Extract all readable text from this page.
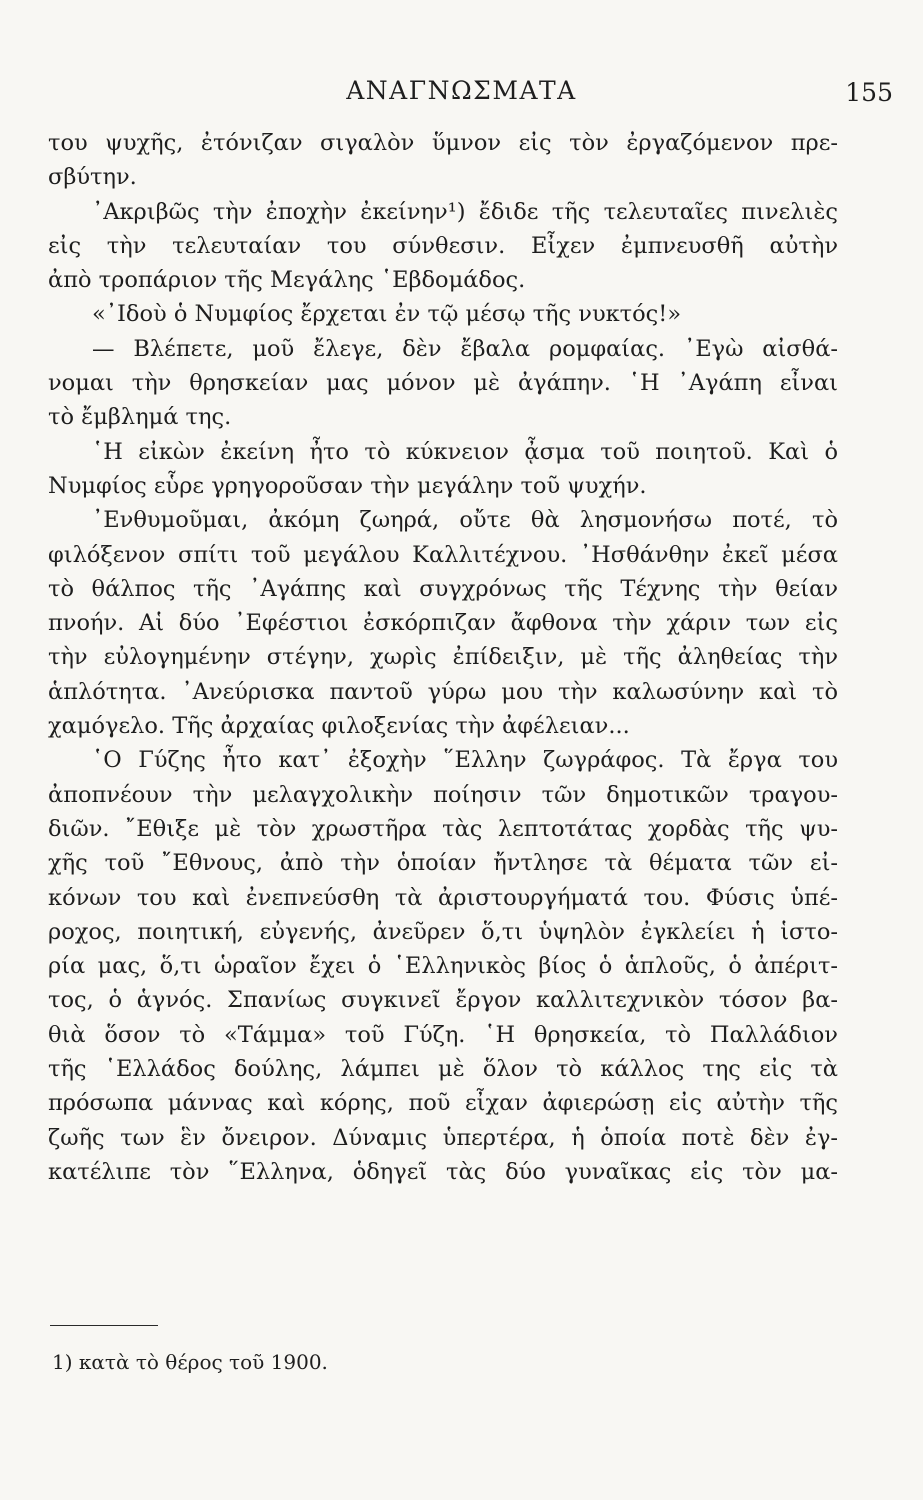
ΑΝΑΓΝΩΣΜΑΤΑ	155
του ψυχῆς, ἐτόνιζαν σιγαλὸν ὕμνον εἰς τὸν ἐργαζόμενον πρε-
σβύτην.
᾿Ακριβῶς τὴν ἐποχὴν ἐκείνην¹) ἔδιδε τῆς τελευταῖες πινελιὲς
εἰς τὴν τελευταίαν του σύνθεσιν. Εἶχεν ἐμπνευσθῆ αὐτὴν
ἀπὸ τροπάριον τῆς Μεγάλης ῾Εβδομάδος.
«᾿Ιδοὺ ὁ Νυμφίος ἔρχεται ἐν τῷ μέσῳ τῆς νυκτός!»
— Βλέπετε, μοῦ ἔλεγε, δὲν ἔβαλα ρομφαίας. ᾿Εγὼ αἰσθά-
νομαι τὴν θρησκείαν μας μόνον μὲ ἀγάπην. ῾Η ᾿Αγάπη εἶναι
τὸ ἔμβλημά της.
῾Η εἰκὼν ἐκείνη ἦτο τὸ κύκνειον ᾆσμα τοῦ ποιητοῦ. Καὶ ὁ
Νυμφίος εὗρε γρηγοροῦσαν τὴν μεγάλην τοῦ ψυχήν.
᾿Ενθυμοῦμαι, ἀκόμη ζωηρά, οὔτε θὰ λησμονήσω ποτέ, τὸ
φιλόξενον σπίτι τοῦ μεγάλου Καλλιτέχνου. ᾿Ησθάνθην ἐκεῖ μέσα
τὸ θάλπος τῆς ᾿Αγάπης καὶ συγχρόνως τῆς Τέχνης τὴν θείαν
πνοήν. Αἱ δύο ᾿Εφέστιοι ἐσκόρπιζαν ἄφθονα τὴν χάριν των εἰς
τὴν εὐλογημένην στέγην, χωρὶς ἐπίδειξιν, μὲ τῆς ἀληθείας τὴν
ἁπλότητα. ᾿Ανεύρισκα παντοῦ γύρω μου τὴν καλωσύνην καὶ τὸ
χαμόγελο. Τῆς ἀρχαίας φιλοξενίας τὴν ἀφέλειαν...
῾Ο Γύζης ἦτο κατ᾿ ἐξοχὴν ῞Ελλην ζωγράφος. Τὰ ἔργα του
ἀποπνέουν τὴν μελαγχολικὴν ποίησιν τῶν δημοτικῶν τραγου-
διῶν. ῎Εθιξε μὲ τὸν χρωστῆρα τὰς λεπτοτάτας χορδὰς τῆς ψυ-
χῆς τοῦ ῎Εθνους, ἀπὸ τὴν ὁποίαν ἤντλησε τὰ θέματα τῶν εἰ-
κόνων του καὶ ἐνεπνεύσθη τὰ ἀριστουργήματά του. Φύσις ὑπέ-
ροχος, ποιητική, εὐγενής, ἀνεῦρεν ὅ,τι ὑψηλὸν ἐγκλείει ἡ ἱστο-
ρία μας, ὅ,τι ὡραῖον ἔχει ὁ ῾Ελληνικὸς βίος ὁ ἁπλοῦς, ὁ ἀπέριτ-
τος, ὁ ἁγνός. Σπανίως συγκινεῖ ἔργον καλλιτεχνικὸν τόσον βα-
θιὰ ὅσον τὸ «Τάμμα» τοῦ Γύζη. ῾Η θρησκεία, τὸ Παλλάδιον
τῆς ῾Ελλάδος δούλης, λάμπει μὲ ὅλον τὸ κάλλος της εἰς τὰ
πρόσωπα μάννας καὶ κόρης, ποῦ εἶχαν ἀφιερώσῃ εἰς αὐτὴν τῆς
ζωῆς των ἓν ὄνειρον. Δύναμις ὑπερτέρα, ἡ ὁποία ποτὲ δὲν ἐγ-
κατέλιπε τὸν ῞Ελληνα, ὁδηγεῖ τὰς δύο γυναῖκας εἰς τὸν μα-
1) κατὰ τὸ θέρος τοῦ 1900.
